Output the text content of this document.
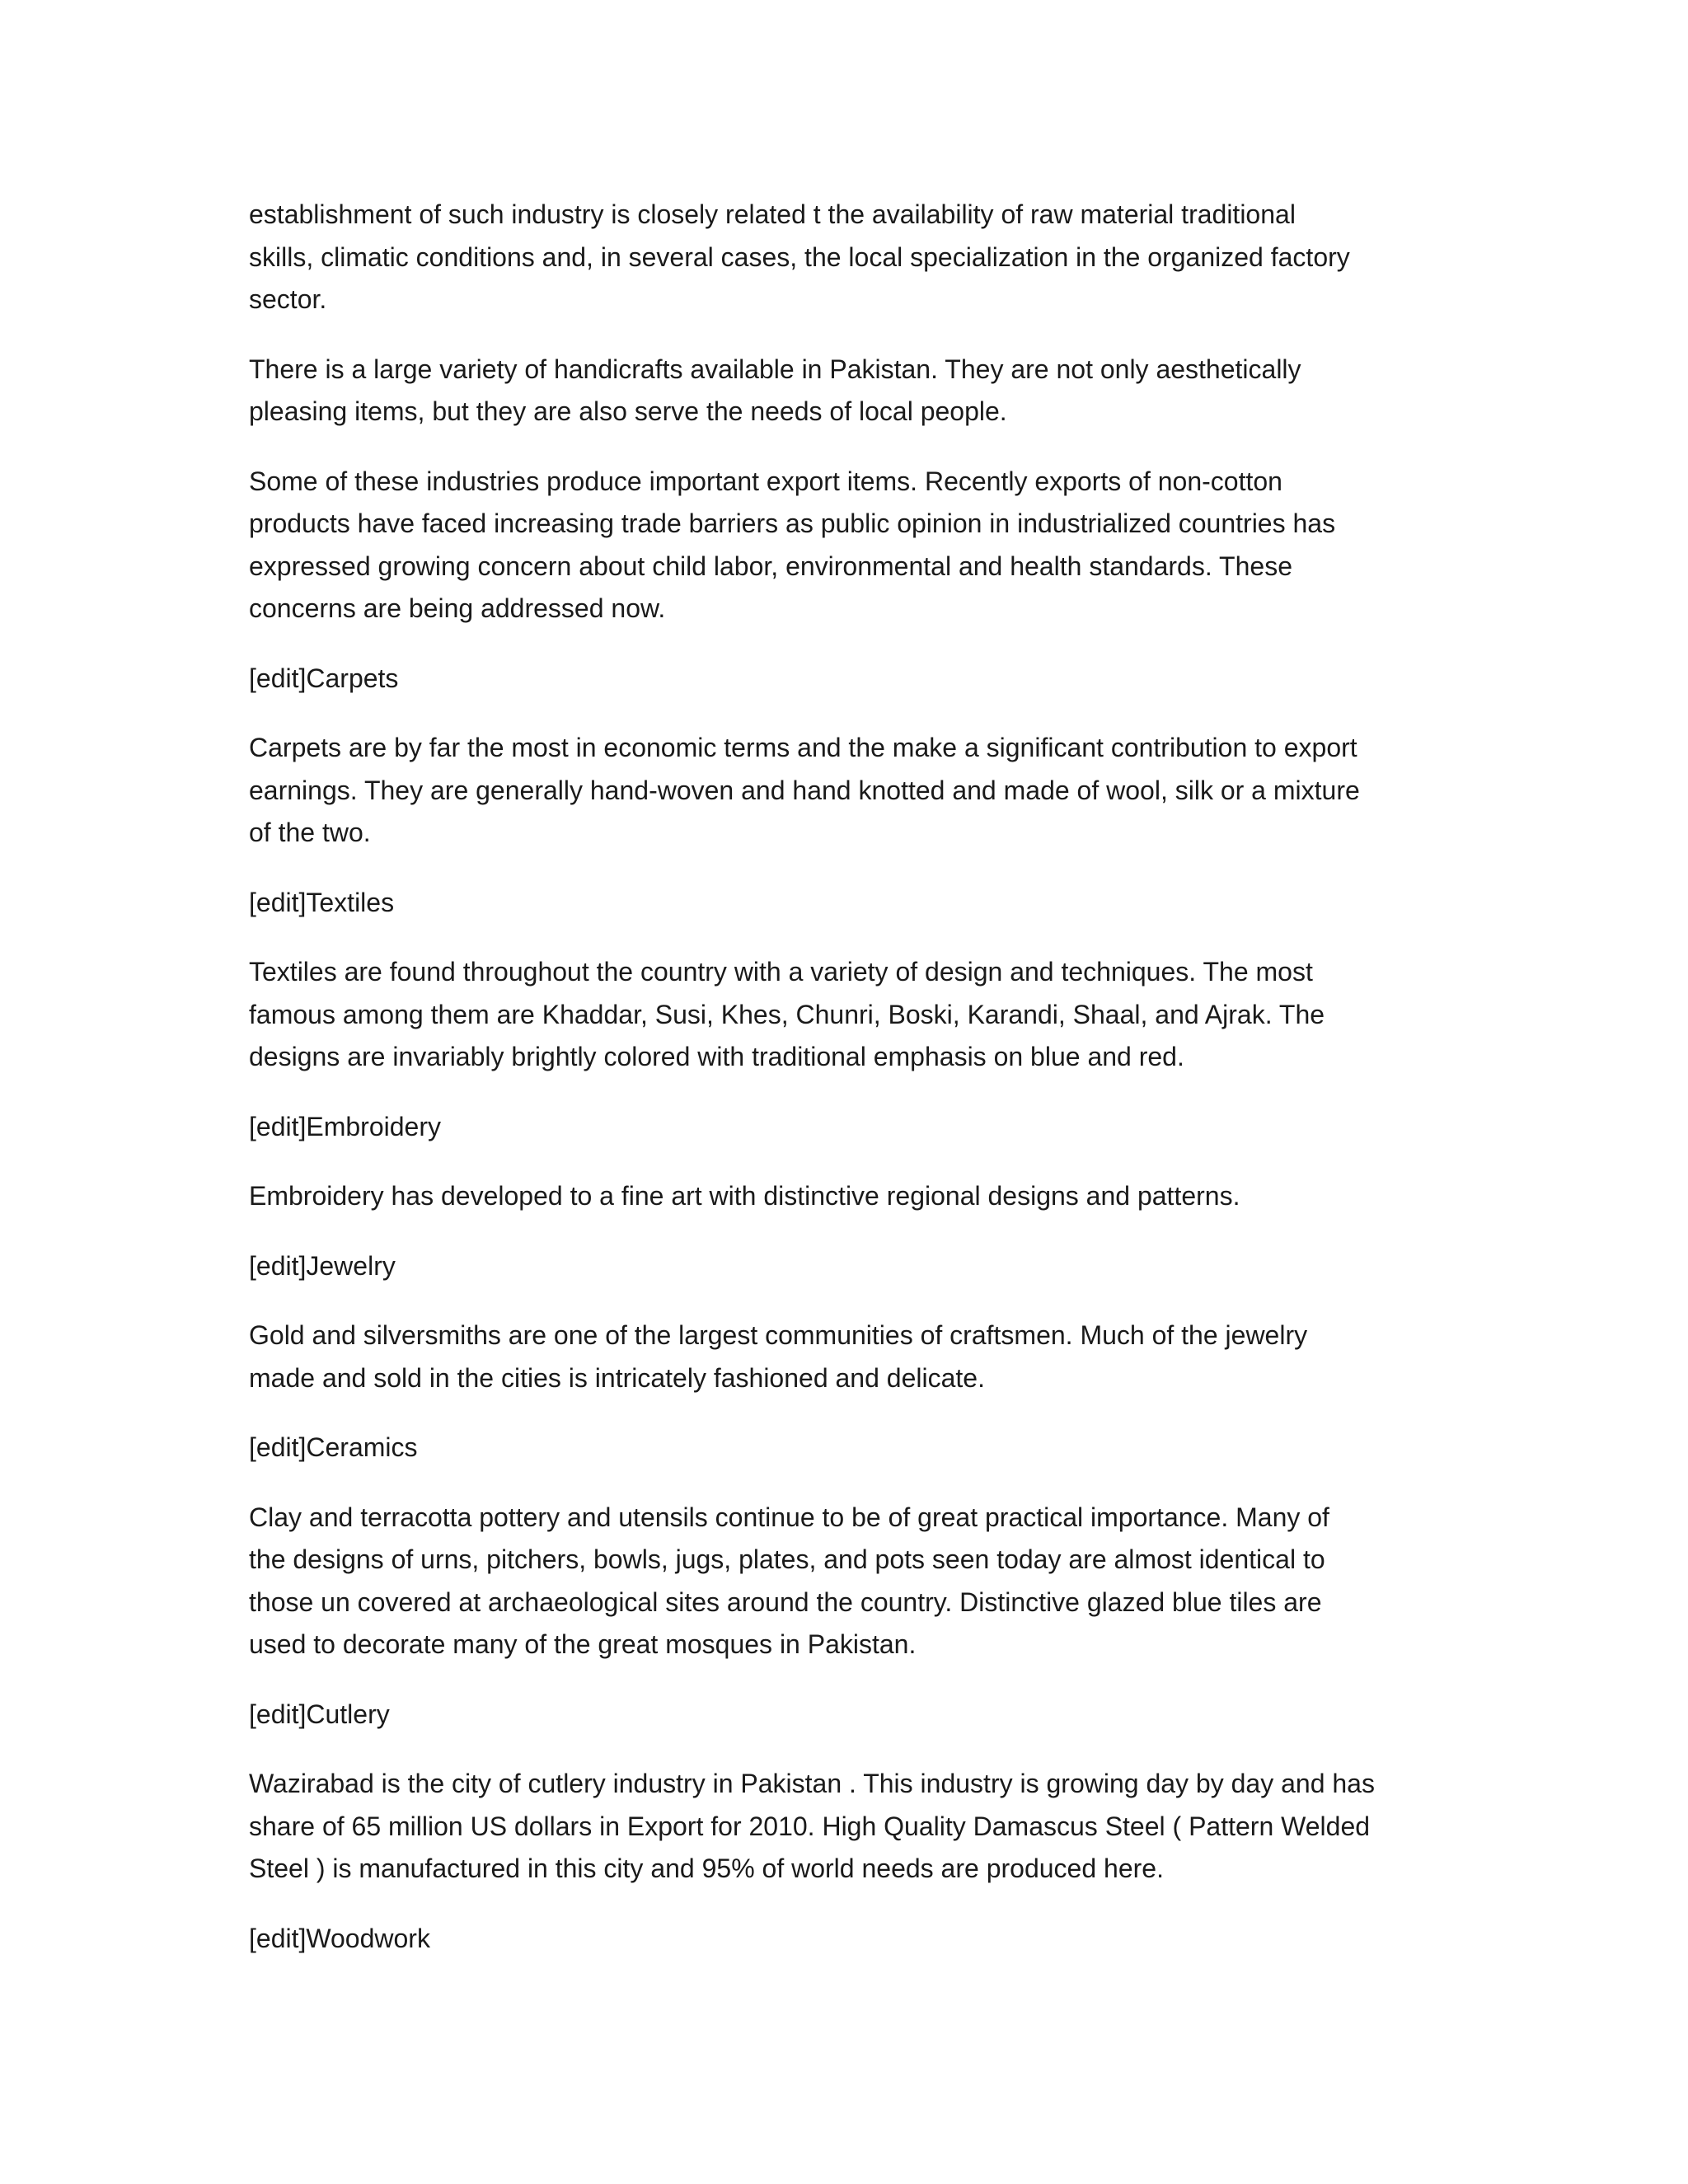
establishment of such industry is closely related t the availability of raw material traditional
skills, climatic conditions and, in several cases, the local specialization in the organized factory
sector.

There is a large variety of handicrafts available in Pakistan. They are not only aesthetically
pleasing items, but they are also serve the needs of local people.

Some of these industries produce important export items. Recently exports of non-cotton
products have faced increasing trade barriers as public opinion in industrialized countries has
expressed growing concern about child labor, environmental and health standards. These
concerns are being addressed now.

[edit]Carpets

Carpets are by far the most in economic terms and the make a significant contribution to export
earnings. They are generally hand-woven and hand knotted and made of wool, silk or a mixture
of the two.

[edit]Textiles

Textiles are found throughout the country with a variety of design and techniques. The most
famous among them are Khaddar, Susi, Khes, Chunri, Boski, Karandi, Shaal, and Ajrak. The
designs are invariably brightly colored with traditional emphasis on blue and red.

[edit]Embroidery

Embroidery has developed to a fine art with distinctive regional designs and patterns.

[edit]Jewelry

Gold and silversmiths are one of the largest communities of craftsmen. Much of the jewelry
made and sold in the cities is intricately fashioned and delicate.

[edit]Ceramics

Clay and terracotta pottery and utensils continue to be of great practical importance. Many of
the designs of urns, pitchers, bowls, jugs, plates, and pots seen today are almost identical to
those un covered at archaeological sites around the country. Distinctive glazed blue tiles are
used to decorate many of the great mosques in Pakistan.

[edit]Cutlery

Wazirabad is the city of cutlery industry in Pakistan . This industry is growing day by day and has
share of 65 million US dollars in Export for 2010. High Quality Damascus Steel ( Pattern Welded
Steel ) is manufactured in this city and 95% of world needs are produced here.

[edit]Woodwork
